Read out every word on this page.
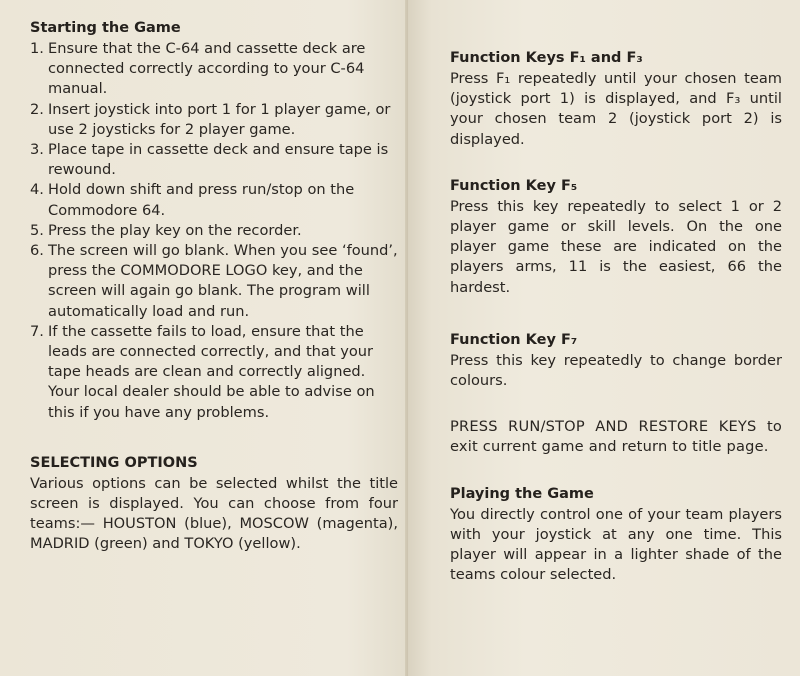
Starting the Game
1. Ensure that the C-64 and cassette deck are connected correctly according to your C-64 manual.
2. Insert joystick into port 1 for 1 player game, or use 2 joysticks for 2 player game.
3. Place tape in cassette deck and ensure tape is rewound.
4. Hold down shift and press run/stop on the Commodore 64.
5. Press the play key on the recorder.
6. The screen will go blank. When you see ‘found’, press the COMMODORE LOGO key, and the screen will again go blank. The program will automatically load and run.
7. If the cassette fails to load, ensure that the leads are connected correctly, and that your tape heads are clean and correctly aligned. Your local dealer should be able to advise on this if you have any problems.
SELECTING OPTIONS

Various options can be selected whilst the title screen is displayed. You can choose from four teams:— HOUSTON (blue), MOSCOW (magenta), MADRID (green) and TOKYO (yellow).

Function Keys F₁ and F₃

Press F₁ repeatedly until your chosen team (joystick port 1) is displayed, and F₃ until your chosen team 2 (joystick port 2) is displayed.

Function Key F₅

Press this key repeatedly to select 1 or 2 player game or skill levels. On the one player game these are indicated on the players arms, 11 is the easiest, 66 the hardest.

Function Key F₇

Press this key repeatedly to change border colours.

PRESS RUN/STOP AND RESTORE KEYS to exit current game and return to title page.

Playing the Game

You directly control one of your team players with your joystick at any one time. This player will appear in a lighter shade of the teams colour selected.
